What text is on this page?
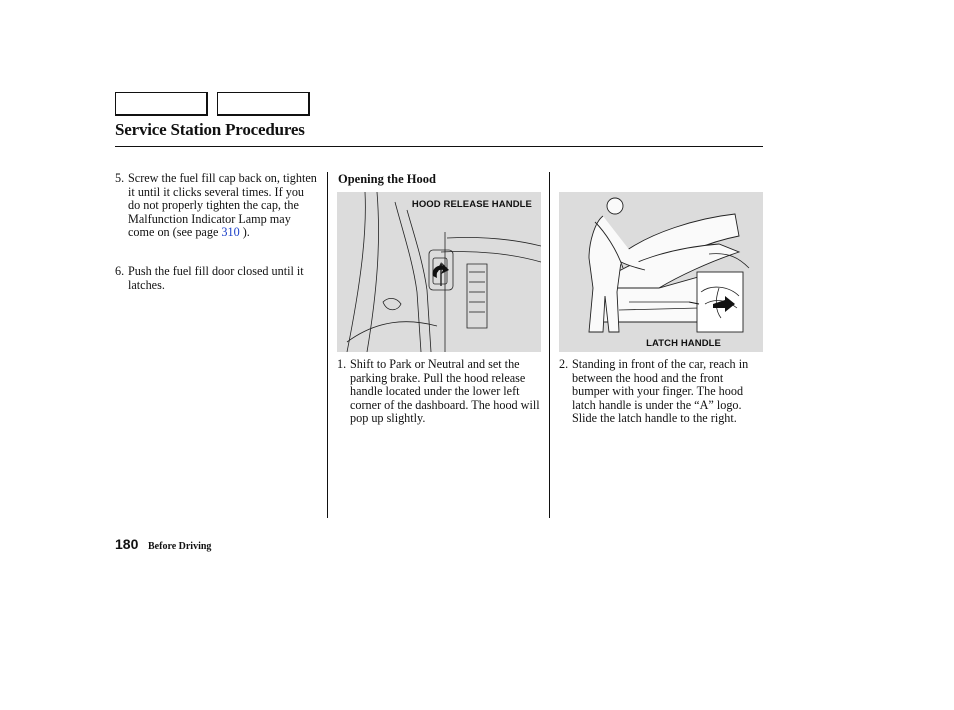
Service Station Procedures
5. Screw the fuel fill cap back on, tighten it until it clicks several times. If you do not properly tighten the cap, the Malfunction Indicator Lamp may come on (see page 310 ).
6. Push the fuel fill door closed until it latches.
Opening the Hood
HOOD RELEASE HANDLE
1. Shift to Park or Neutral and set the parking brake. Pull the hood release handle located under the lower left corner of the dashboard. The hood will pop up slightly.
LATCH HANDLE
2. Standing in front of the car, reach in between the hood and the front bumper with your finger. The hood latch handle is under the “A” logo. Slide the latch handle to the right.
180 Before Driving
